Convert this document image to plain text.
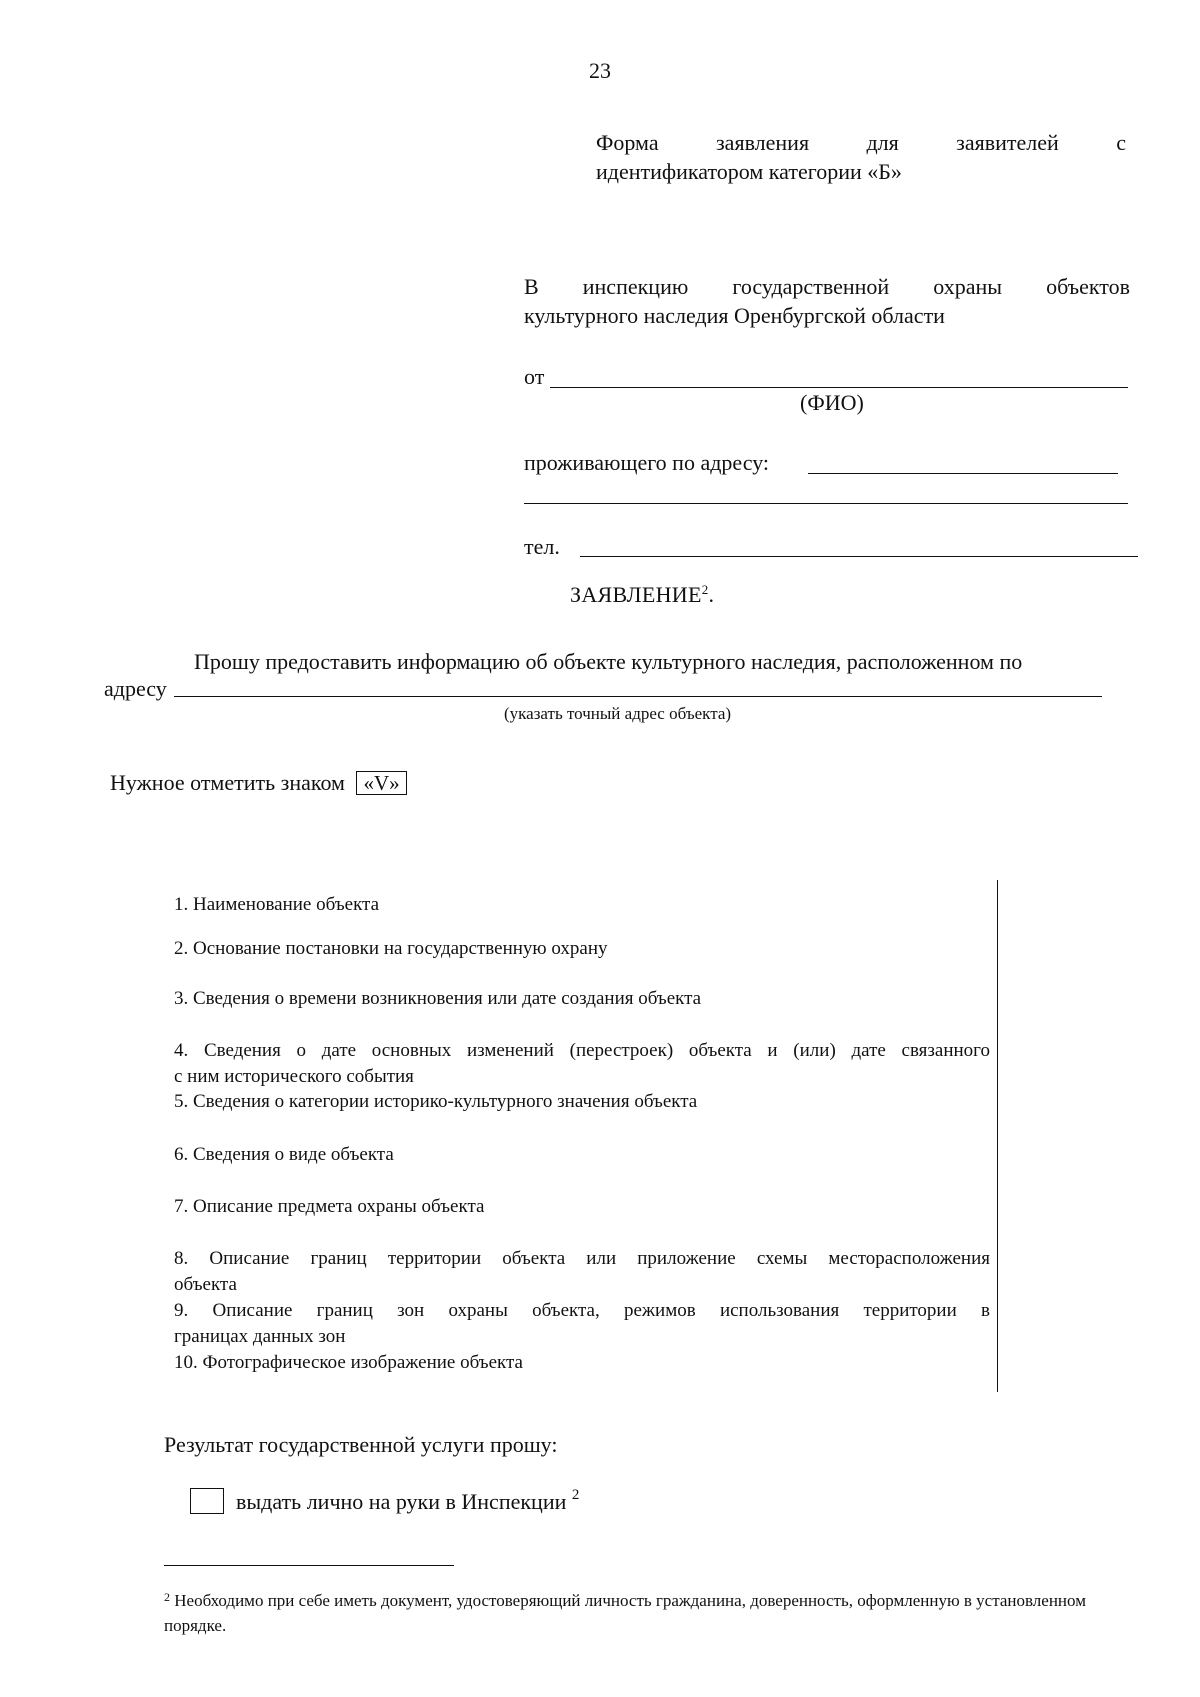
23
Форма заявления для заявителей с
идентификатором категории «Б»
В инспекцию государственной охраны объектов
культурного наследия Оренбургской области
от
(ФИО)
проживающего по адресу:
тел.
ЗАЯВЛЕНИЕ$^2$.
Прошу предоставить информацию об объекте культурного наследия, расположенном по
адресу
(указать точный адрес объекта)
Нужное отметить знаком «V»
1. Наименование объекта
2. Основание постановки на государственную охрану
3. Сведения о времени возникновения или дате создания объекта
4. Сведения о дате основных изменений (перестроек) объекта и (или) дате связанного
с ним исторического события
5. Сведения о категории историко-культурного значения объекта
6. Сведения о виде объекта
7. Описание предмета охраны объекта
8. Описание границ территории объекта или приложение схемы месторасположения
объекта
9. Описание границ зон охраны объекта, режимов использования территории в
границах данных зон
10. Фотографическое изображение объекта
Результат государственной услуги прошу:
выдать лично на руки в Инспекции $^2$
$^2$ Необходимо при себе иметь документ, удостоверяющий личность гражданина, доверенность, оформленную в установленном порядке.
